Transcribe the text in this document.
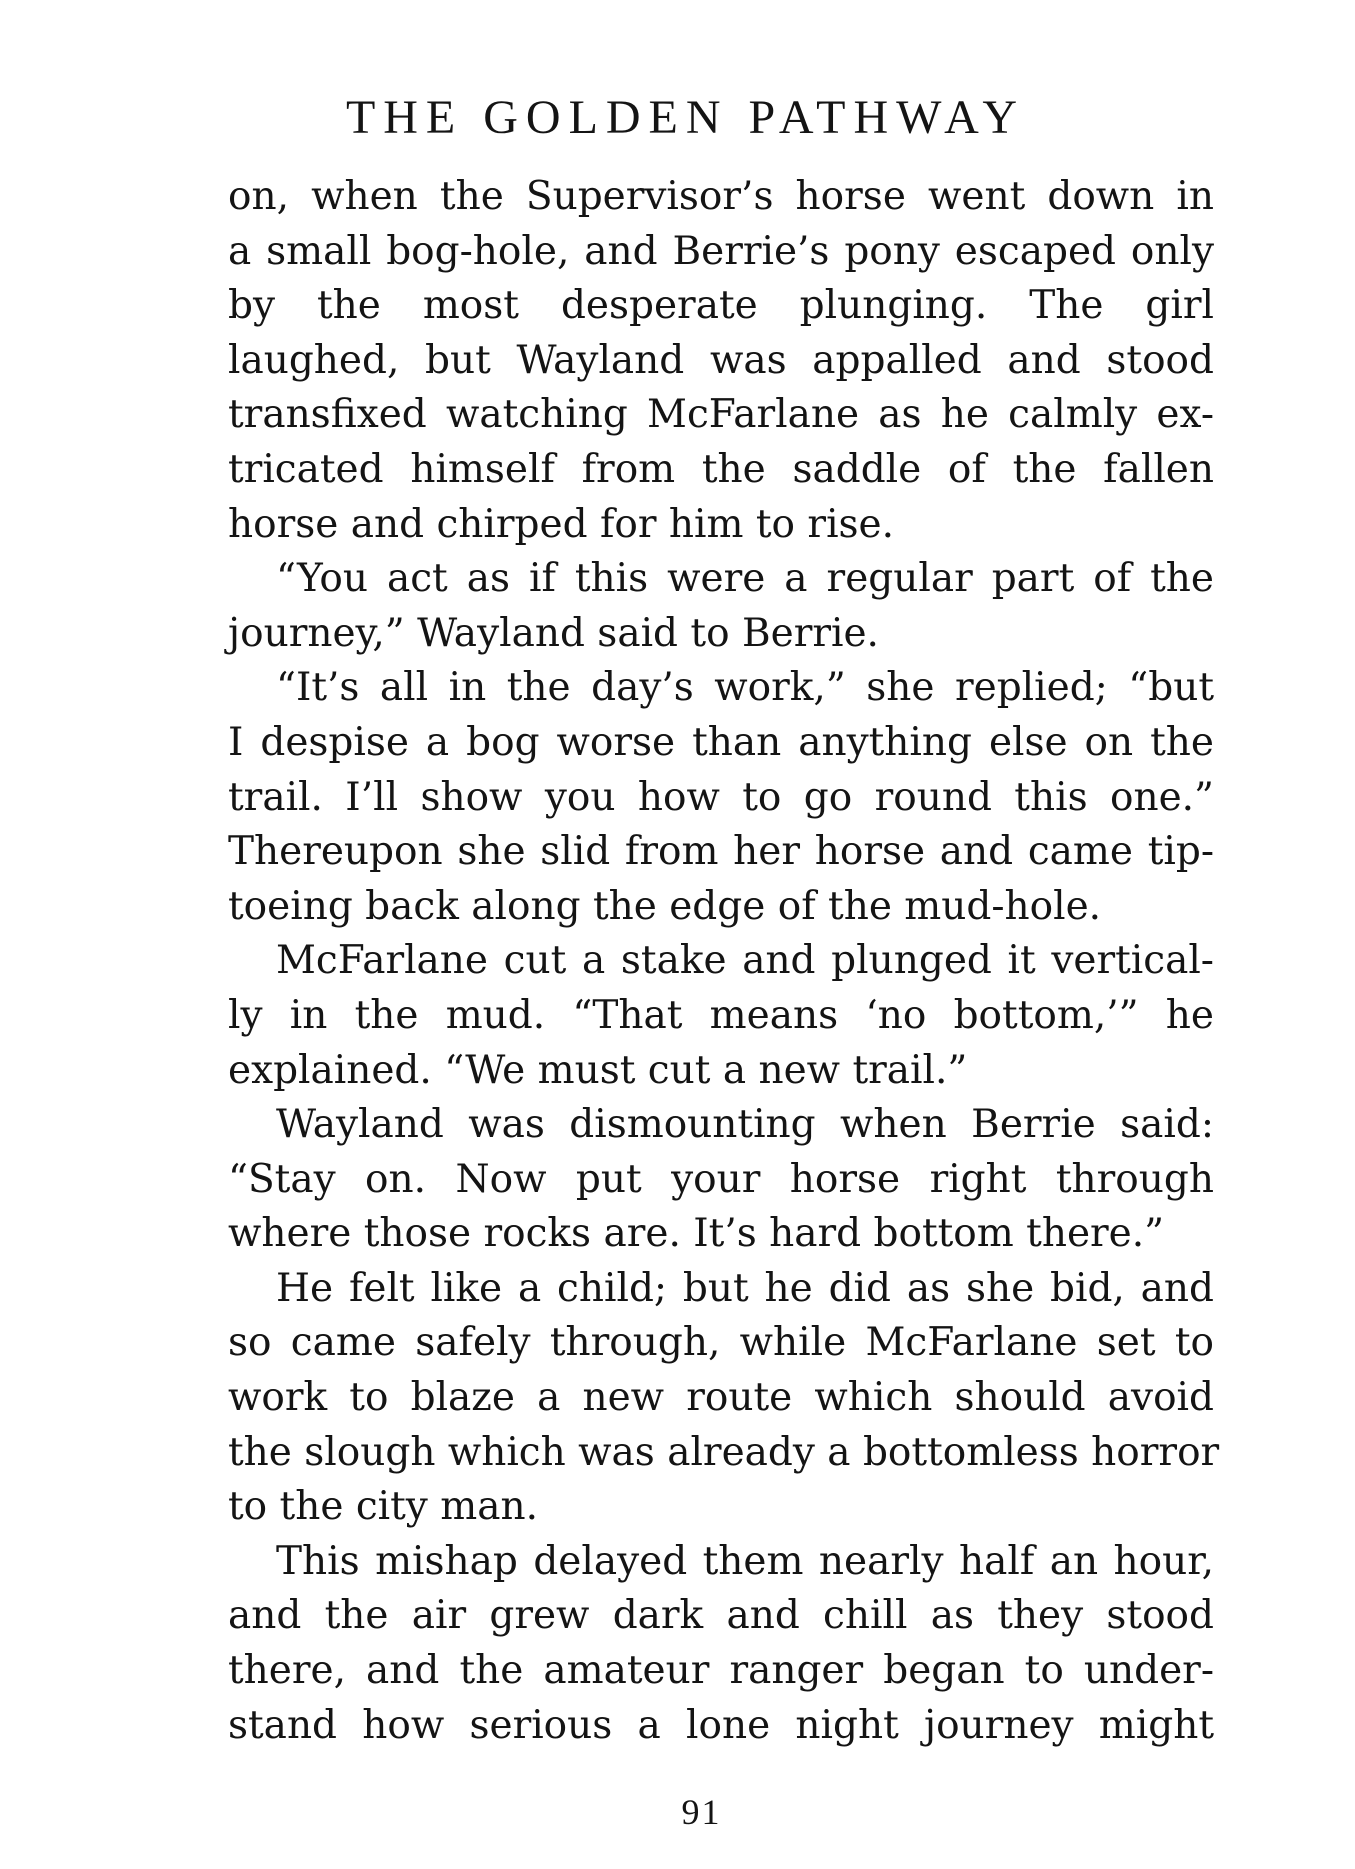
THE GOLDEN PATHWAY
on, when the Supervisor’s horse went down in
a small bog-hole, and Berrie’s pony escaped only
by the most desperate plunging. The girl
laughed, but Wayland was appalled and stood
transfixed watching McFarlane as he calmly ex-
tricated himself from the saddle of the fallen
horse and chirped for him to rise.
“You act as if this were a regular part of the
journey,” Wayland said to Berrie.
“It’s all in the day’s work,” she replied; “but
I despise a bog worse than anything else on the
trail. I’ll show you how to go round this one.”
Thereupon she slid from her horse and came tip-
toeing back along the edge of the mud-hole.
McFarlane cut a stake and plunged it vertical-
ly in the mud. “That means ‘no bottom,’” he
explained. “We must cut a new trail.”
Wayland was dismounting when Berrie said:
“Stay on. Now put your horse right through
where those rocks are. It’s hard bottom there.”
He felt like a child; but he did as she bid, and
so came safely through, while McFarlane set to
work to blaze a new route which should avoid
the slough which was already a bottomless horror
to the city man.
This mishap delayed them nearly half an hour,
and the air grew dark and chill as they stood
there, and the amateur ranger began to under-
stand how serious a lone night journey might
91
